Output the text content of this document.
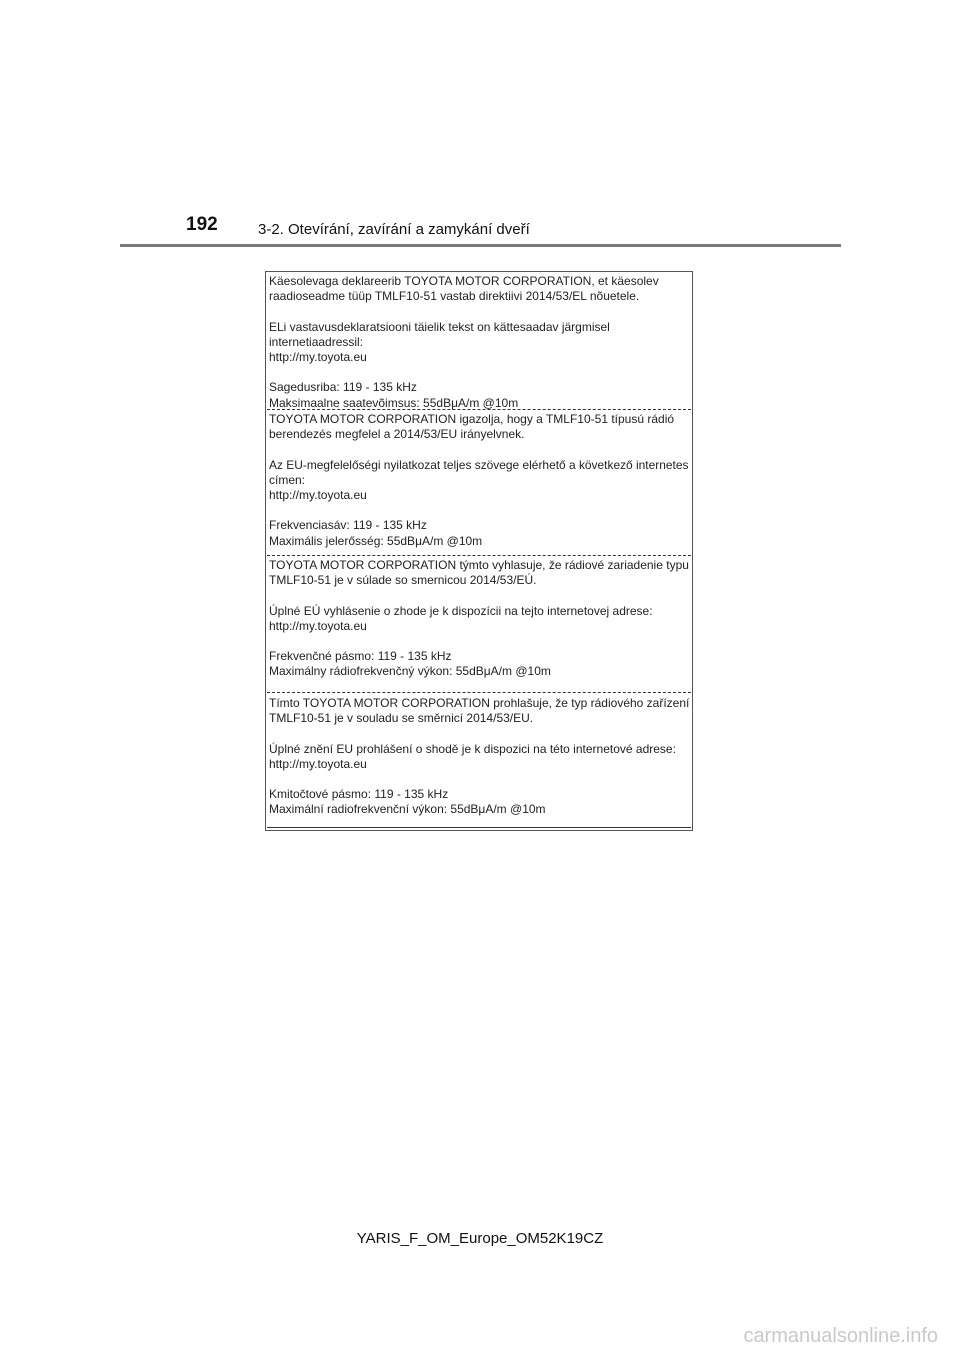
192	3-2. Otevírání, zavírání a zamykání dveří
Käesolevaga deklareerib TOYOTA MOTOR CORPORATION, et käesolev
raadioseadme tüüp TMLF10-51 vastab direktiivi 2014/53/EL nõuetele.
ELi vastavusdeklaratsiooni täielik tekst on kättesaadav järgmisel
internetiaadressil:
http://my.toyota.eu
Sagedusriba: 119 - 135 kHz
Maksimaalne saatevõimsus: 55dBμA/m @10m
TOYOTA MOTOR CORPORATION igazolja, hogy a TMLF10-51 típusú rádió
berendezés megfelel a 2014/53/EU irányelvnek.
Az EU-megfelelőségi nyilatkozat teljes szövege elérhető a következő internetes
címen:
http://my.toyota.eu
Frekvenciasáv: 119 - 135 kHz
Maximális jelerősség: 55dBμA/m @10m
TOYOTA MOTOR CORPORATION týmto vyhlasuje, že rádiové zariadenie typu
TMLF10-51 je v súlade so smernicou 2014/53/EÚ.
Úplné EÚ vyhlásenie o zhode je k dispozícii na tejto internetovej adrese:
http://my.toyota.eu
Frekvenčné pásmo: 119 - 135 kHz
Maximálny rádiofrekvenčný výkon: 55dBμA/m @10m
Tímto TOYOTA MOTOR CORPORATION prohlašuje, že typ rádiového zařízení
TMLF10-51 je v souladu se směrnicí 2014/53/EU.
Úplné znění EU prohlášení o shodě je k dispozici na této internetové adrese:
http://my.toyota.eu
Kmitočtové pásmo: 119 - 135 kHz
Maximální radiofrekvenční výkon: 55dBμA/m @10m
YARIS_F_OM_Europe_OM52K19CZ
carmanualsonline.info
